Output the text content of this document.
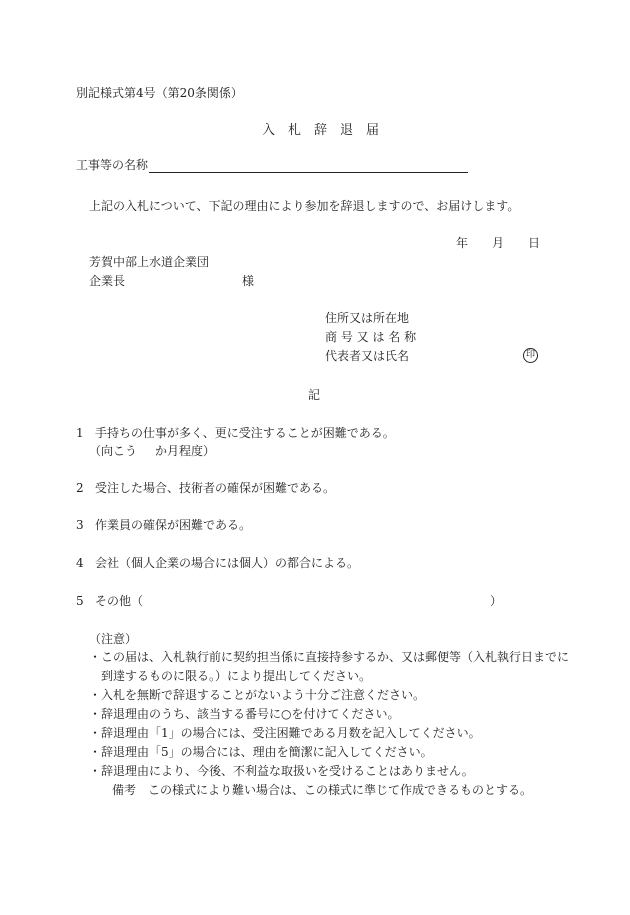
別記様式第4号（第20条関係）
入　札　辞　退　届
工事等の名称
上記の入札について、下記の理由により参加を辞退しますので、お届けします。
年 月 日
芳賀中部上水道企業団
企業長	様
住所又は所在地
商 号 又 は 名 称
代表者又は氏名	印
記
1 手持ちの仕事が多く、更に受注することが困難である。
（向こう か月程度）
2 受注した場合、技術者の確保が困難である。
3 作業員の確保が困難である。
4 会社（個人企業の場合には個人）の都合による。
5 その他（	）
（注意）
・この届は、入札執行前に契約担当係に直接持参するか、又は郵便等（入札執行日までに
到達するものに限る。）により提出してください。
・入札を無断で辞退することがないよう十分ご注意ください。
・辞退理由のうち、該当する番号に○を付けてください。
・辞退理由「1」の場合には、受注困難である月数を記入してください。
・辞退理由「5」の場合には、理由を簡潔に記入してください。
・辞退理由により、今後、不利益な取扱いを受けることはありません。
備考　この様式により難い場合は、この様式に準じて作成できるものとする。
